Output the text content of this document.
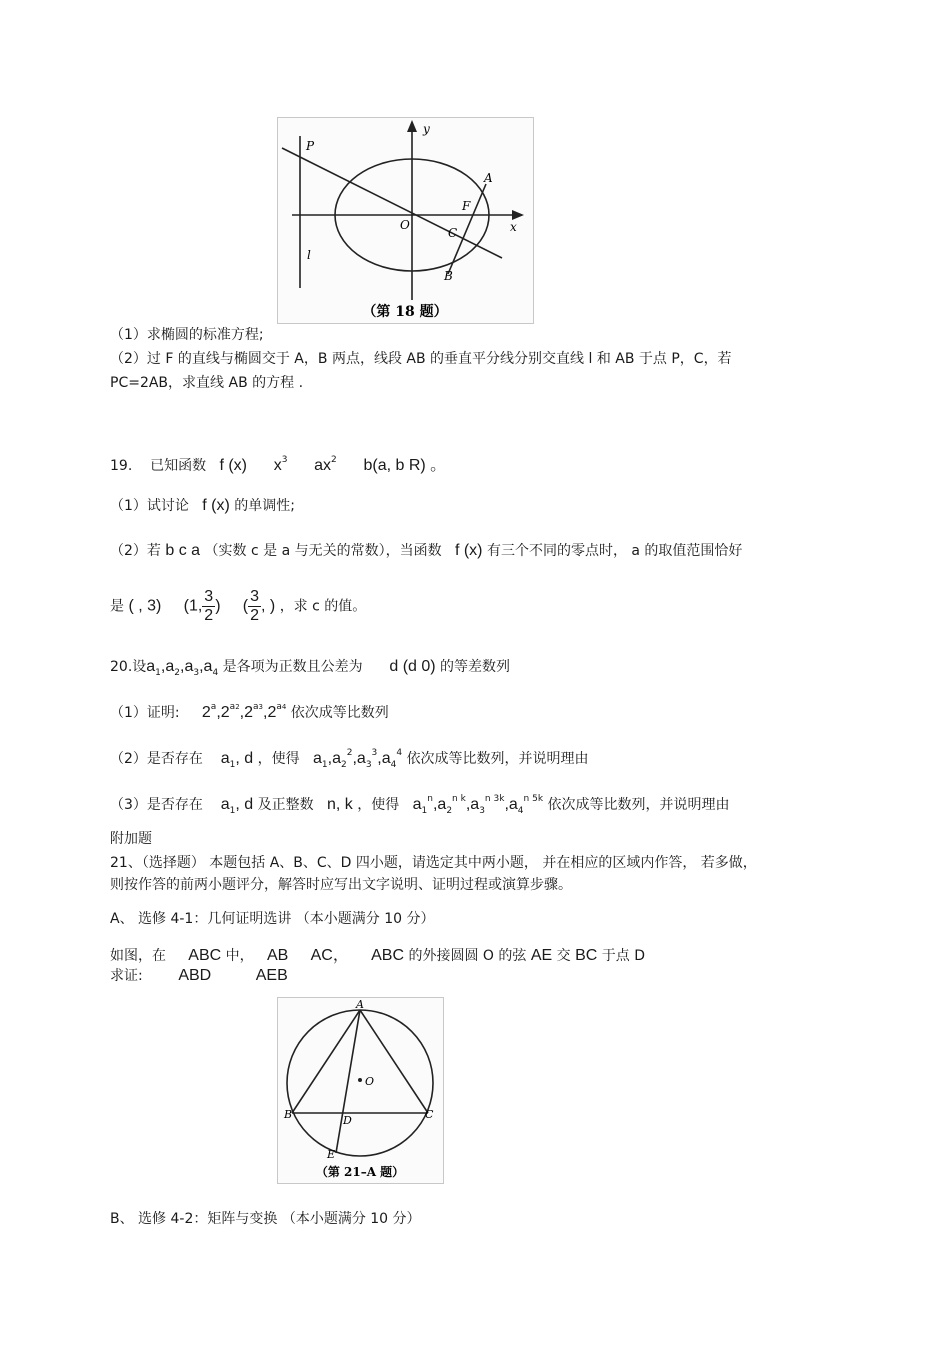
P
y
A
F
O
C	x
l
B
（第 18 题）
（1）求椭圆的标准方程;
（2）过 F 的直线与椭圆交于 A，B 两点，线段 AB 的垂直平分线分别交直线 l 和 AB 于点 P，C，若
PC=2AB，求直线 AB 的方程 .
19. 已知函数 f (x) $x^3$ $ax^2$ b(a, b R) 。
（1）试讨论 f (x) 的单调性;
（2）若 b c a （实数 c 是 a 与无关的常数），当函数 f (x) 有三个不同的零点时， a 的取值范围恰好
是 ( , 3) (1, $\frac{3}{2}$ ) ( $\frac{3}{2}$ , ) ，求 c 的值。
20.设$a_1,a_2,a_3,a_4$ 是各项为正数且公差为 d (d 0) 的等差数列
（1）证明: $2^a,2^{a2},2^{a3},2^{a4}$ 依次成等比数列
（2）是否存在 $a_1$, d ，使得 $a_1,a_2^2,a_3^3,a_4^4$ 依次成等比数列，并说明理由
（3）是否存在 $a_1$, d 及正整数 n, k ，使得 $a_1^n,a_2^{n k},a_3^{n 3k},a_4^{n 5k}$ 依次成等比数列，并说明理由
附加题
21、（选择题） 本题包括 A、B、C、D 四小题，请选定其中两小题， 并在相应的区域内作答， 若多做，
则按作答的前两小题评分，解答时应写出文字说明、证明过程或演算步骤。
A、 选修 4-1：几何证明选讲 （本小题满分 10 分）
如图，在 ABC 中， AB AC， ABC 的外接圆圆 O 的弦 AE 交 BC 于点 D
求证: ABD	AEB
A
O
B	D	C
E
（第 21–A 题）
B、 选修 4-2：矩阵与变换 （本小题满分 10 分）
